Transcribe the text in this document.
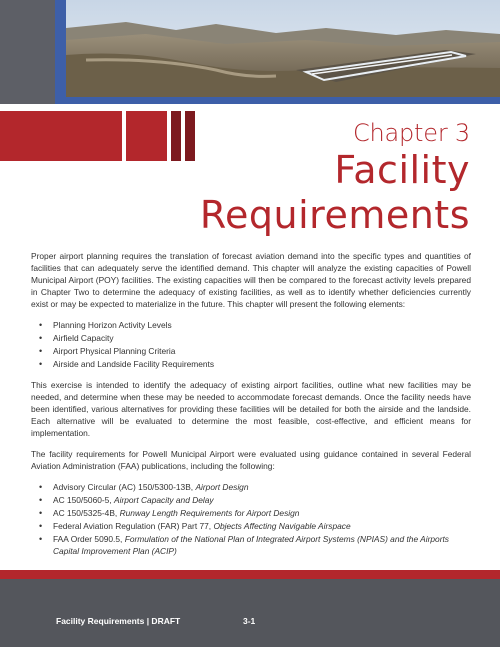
Chapter 3
Facility
Requirements

Proper airport planning requires the translation of forecast aviation demand into the specific types and quantities of facilities that can adequately serve the identified demand. This chapter will analyze the existing capacities of Powell Municipal Airport (POY) facilities. The existing capacities will then be compared to the forecast activity levels prepared in Chapter Two to determine the adequacy of existing facilities, as well as to identify whether deficiencies currently exist or may be expected to materialize in the future. This chapter will present the following elements:

• Planning Horizon Activity Levels
• Airfield Capacity
• Airport Physical Planning Criteria
• Airside and Landside Facility Requirements

This exercise is intended to identify the adequacy of existing airport facilities, outline what new facilities may be needed, and determine when these may be needed to accommodate forecast demands. Once the facility needs have been identified, various alternatives for providing these facilities will be detailed for both the airside and the landside. Each alternative will be evaluated to determine the most feasible, cost-effective, and efficient means for implementation.

The facility requirements for Powell Municipal Airport were evaluated using guidance contained in several Federal Aviation Administration (FAA) publications, including the following:

• Advisory Circular (AC) 150/5300-13B, Airport Design
• AC 150/5060-5, Airport Capacity and Delay
• AC 150/5325-4B, Runway Length Requirements for Airport Design
• Federal Aviation Regulation (FAR) Part 77, Objects Affecting Navigable Airspace
• FAA Order 5090.5, Formulation of the National Plan of Integrated Airport Systems (NPIAS) and the Airports Capital Improvement Plan (ACIP)
Facility Requirements | DRAFT	3-1
